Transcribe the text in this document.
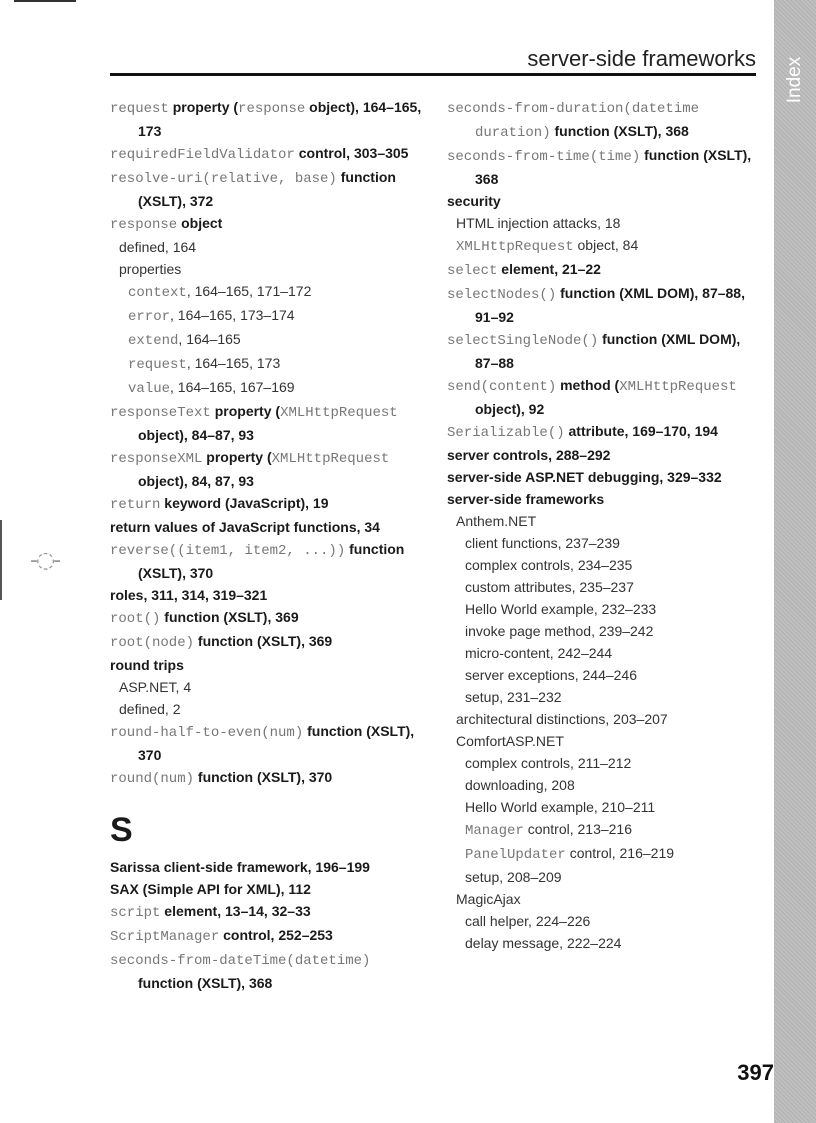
-◌-
Index
server-side frameworks
request property (response object), 164–165, 173
requiredFieldValidator control, 303–305
resolve-uri(relative, base) function (XSLT), 372
response object
defined, 164
properties
context, 164–165, 171–172
error, 164–165, 173–174
extend, 164–165
request, 164–165, 173
value, 164–165, 167–169
responseText property (XMLHttpRequest object), 84–87, 93
responseXML property (XMLHttpRequest object), 84, 87, 93
return keyword (JavaScript), 19
return values of JavaScript functions, 34
reverse((item1, item2, ...)) function (XSLT), 370
roles, 311, 314, 319–321
root() function (XSLT), 369
root(node) function (XSLT), 369
round trips
ASP.NET, 4
defined, 2
round-half-to-even(num) function (XSLT), 370
round(num) function (XSLT), 370
S
Sarissa client-side framework, 196–199
SAX (Simple API for XML), 112
script element, 13–14, 32–33
ScriptManager control, 252–253
seconds-from-dateTime(datetime) function (XSLT), 368
seconds-from-duration(datetime duration) function (XSLT), 368
seconds-from-time(time) function (XSLT), 368
security
HTML injection attacks, 18
XMLHttpRequest object, 84
select element, 21–22
selectNodes() function (XML DOM), 87–88, 91–92
selectSingleNode() function (XML DOM), 87–88
send(content) method (XMLHttpRequest object), 92
Serializable() attribute, 169–170, 194
server controls, 288–292
server-side ASP.NET debugging, 329–332
server-side frameworks
Anthem.NET
client functions, 237–239
complex controls, 234–235
custom attributes, 235–237
Hello World example, 232–233
invoke page method, 239–242
micro-content, 242–244
server exceptions, 244–246
setup, 231–232
architectural distinctions, 203–207
ComfortASP.NET
complex controls, 211–212
downloading, 208
Hello World example, 210–211
Manager control, 213–216
PanelUpdater control, 216–219
setup, 208–209
MagicAjax
call helper, 224–226
delay message, 222–224
397
